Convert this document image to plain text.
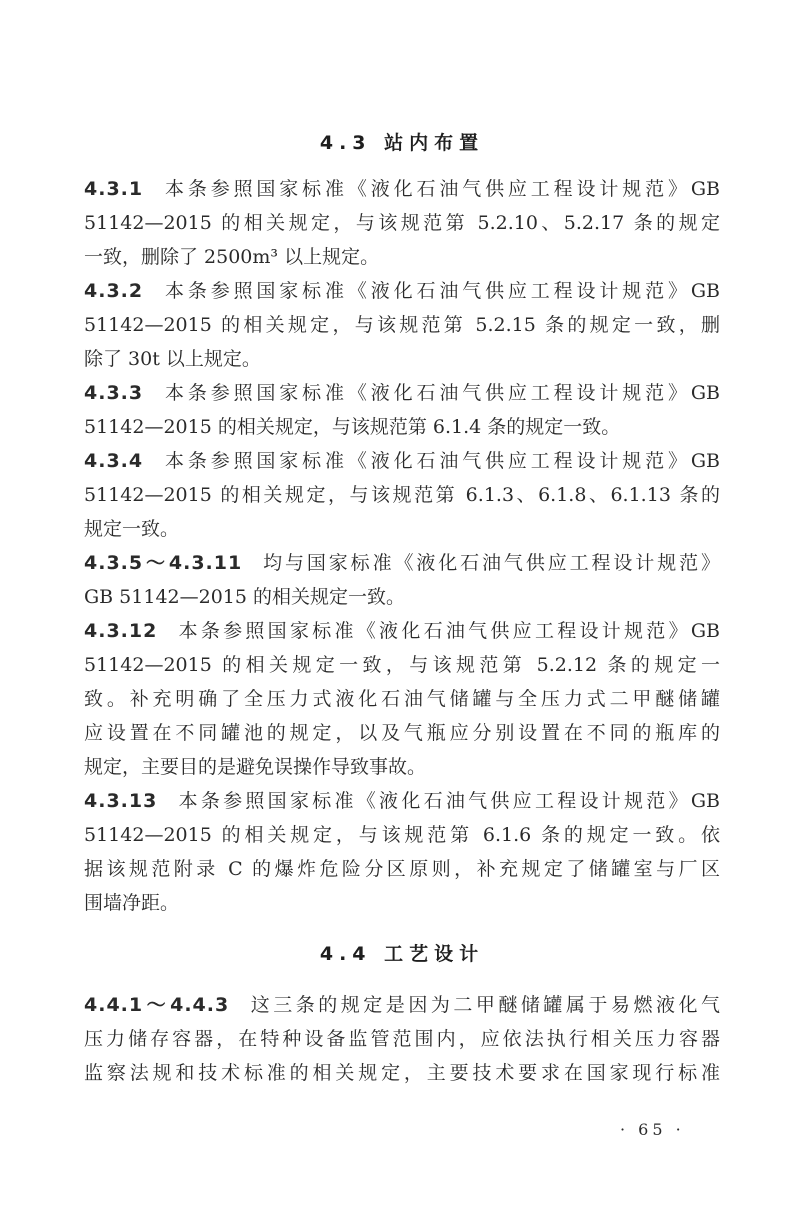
4.3 站内布置
4.3.1 本条参照国家标准《液化石油气供应工程设计规范》GB
51142—2015 的相关规定，与该规范第 5.2.10、5.2.17 条的规定
一致，删除了 2500m³ 以上规定。
4.3.2 本条参照国家标准《液化石油气供应工程设计规范》GB
51142—2015 的相关规定，与该规范第 5.2.15 条的规定一致，删
除了 30t 以上规定。
4.3.3 本条参照国家标准《液化石油气供应工程设计规范》GB
51142—2015 的相关规定，与该规范第 6.1.4 条的规定一致。
4.3.4 本条参照国家标准《液化石油气供应工程设计规范》GB
51142—2015 的相关规定，与该规范第 6.1.3、6.1.8、6.1.13 条的
规定一致。
4.3.5～4.3.11 均与国家标准《液化石油气供应工程设计规范》
GB 51142—2015 的相关规定一致。
4.3.12 本条参照国家标准《液化石油气供应工程设计规范》GB
51142—2015 的相关规定一致，与该规范第 5.2.12 条的规定一
致。补充明确了全压力式液化石油气储罐与全压力式二甲醚储罐
应设置在不同罐池的规定，以及气瓶应分别设置在不同的瓶库的
规定，主要目的是避免误操作导致事故。
4.3.13 本条参照国家标准《液化石油气供应工程设计规范》GB
51142—2015 的相关规定，与该规范第 6.1.6 条的规定一致。依
据该规范附录 C 的爆炸危险分区原则，补充规定了储罐室与厂区
围墙净距。
4.4 工艺设计
4.4.1～4.4.3 这三条的规定是因为二甲醚储罐属于易燃液化气
压力储存容器，在特种设备监管范围内，应依法执行相关压力容器
监察法规和技术标准的相关规定，主要技术要求在国家现行标准
· 65 ·
